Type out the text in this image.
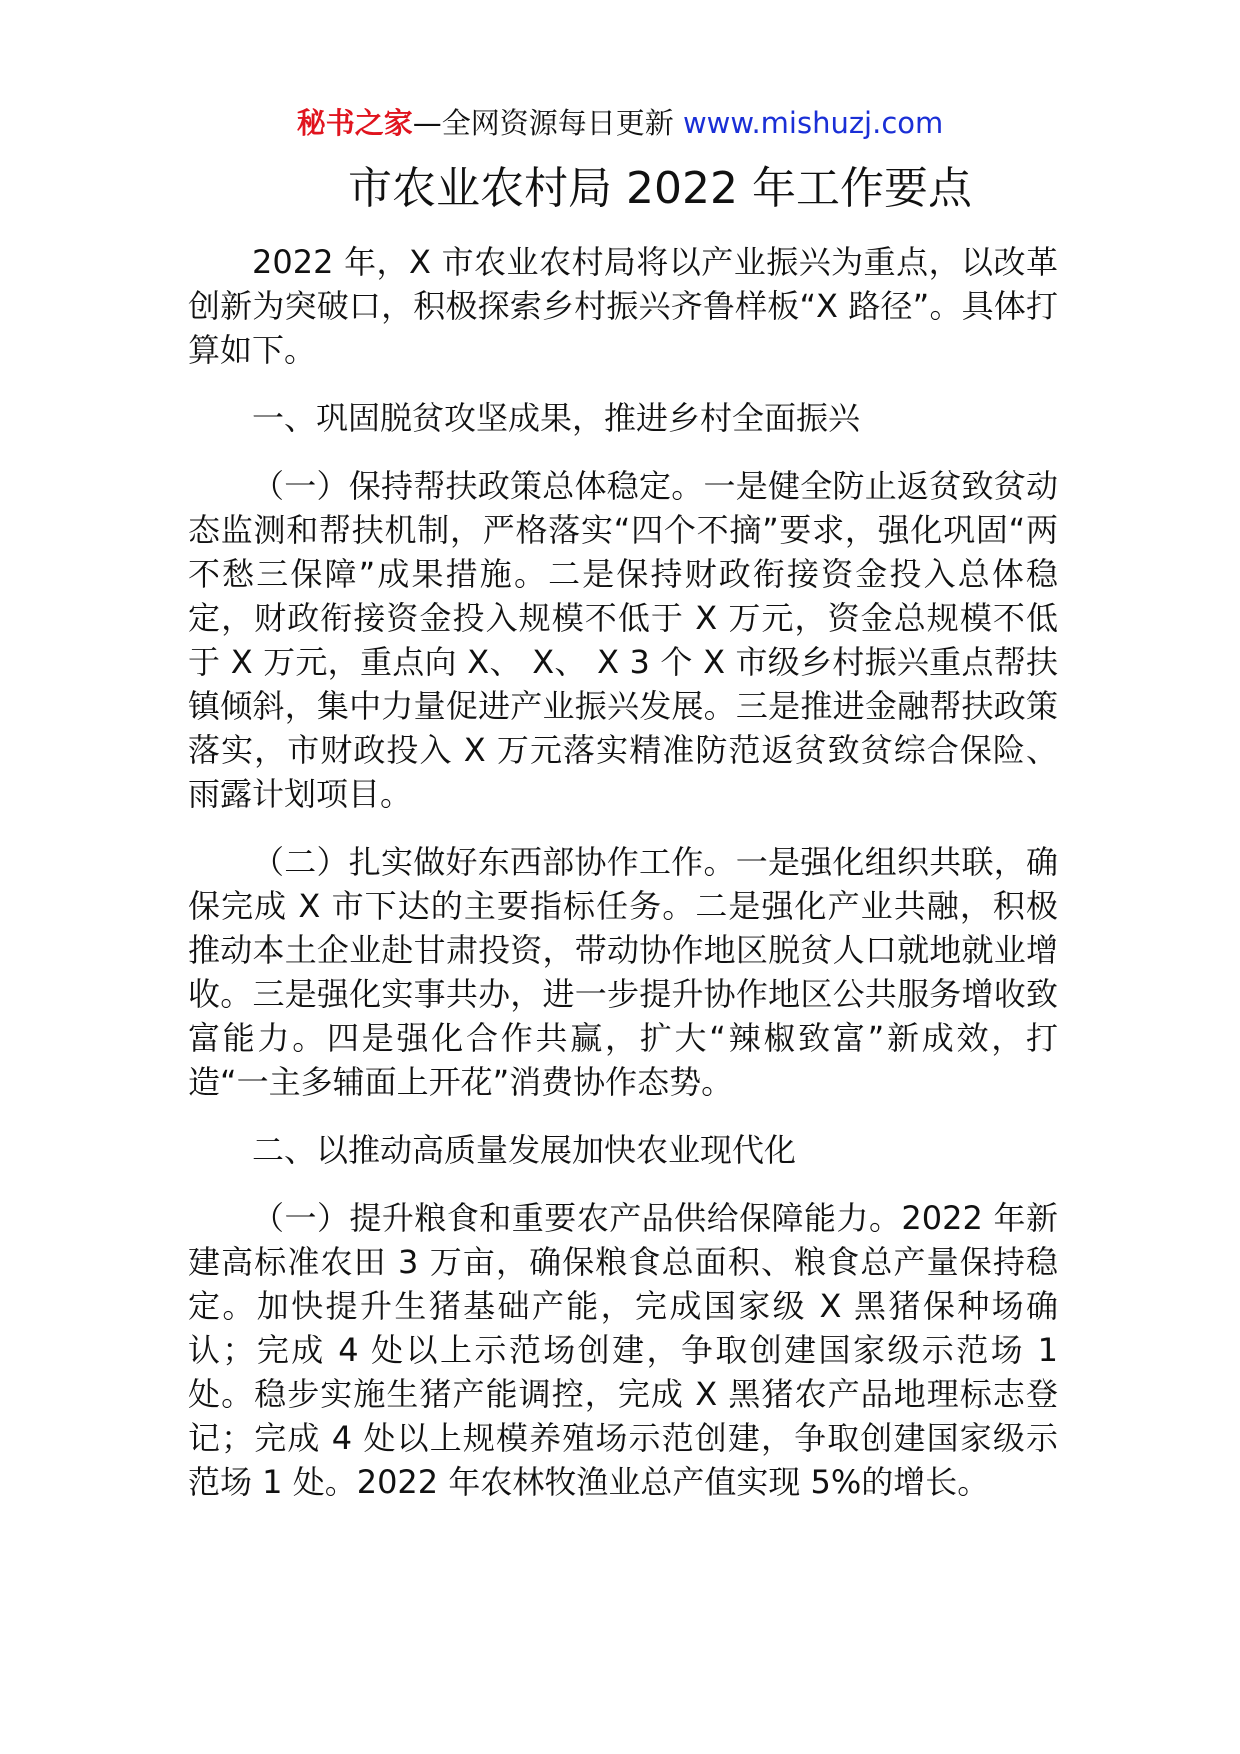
秘书之家—全网资源每日更新 www.mishuzj.com
市农业农村局 2022 年工作要点

2022 年，X 市农业农村局将以产业振兴为重点，以改革创新为突破口，积极探索乡村振兴齐鲁样板“X 路径”。具体打算如下。

一、巩固脱贫攻坚成果，推进乡村全面振兴

（一）保持帮扶政策总体稳定。一是健全防止返贫致贫动态监测和帮扶机制，严格落实“四个不摘”要求，强化巩固“两不愁三保障”成果措施。二是保持财政衔接资金投入总体稳定，财政衔接资金投入规模不低于 X 万元，资金总规模不低于 X 万元，重点向 X、 X、 X 3 个 X 市级乡村振兴重点帮扶镇倾斜，集中力量促进产业振兴发展。三是推进金融帮扶政策落实，市财政投入 X 万元落实精准防范返贫致贫综合保险、雨露计划项目。

（二）扎实做好东西部协作工作。一是强化组织共联，确保完成 X 市下达的主要指标任务。二是强化产业共融，积极推动本土企业赴甘肃投资，带动协作地区脱贫人口就地就业增收。三是强化实事共办，进一步提升协作地区公共服务增收致富能力。四是强化合作共赢，扩大“辣椒致富”新成效，打造“一主多辅面上开花”消费协作态势。

二、以推动高质量发展加快农业现代化

（一）提升粮食和重要农产品供给保障能力。2022 年新建高标准农田 3 万亩，确保粮食总面积、粮食总产量保持稳定。加快提升生猪基础产能，完成国家级 X 黑猪保种场确认；完成 4 处以上示范场创建，争取创建国家级示范场 1 处。稳步实施生猪产能调控，完成 X 黑猪农产品地理标志登记；完成 4 处以上规模养殖场示范创建，争取创建国家级示范场 1 处。2022 年农林牧渔业总产值实现 5%的增长。
